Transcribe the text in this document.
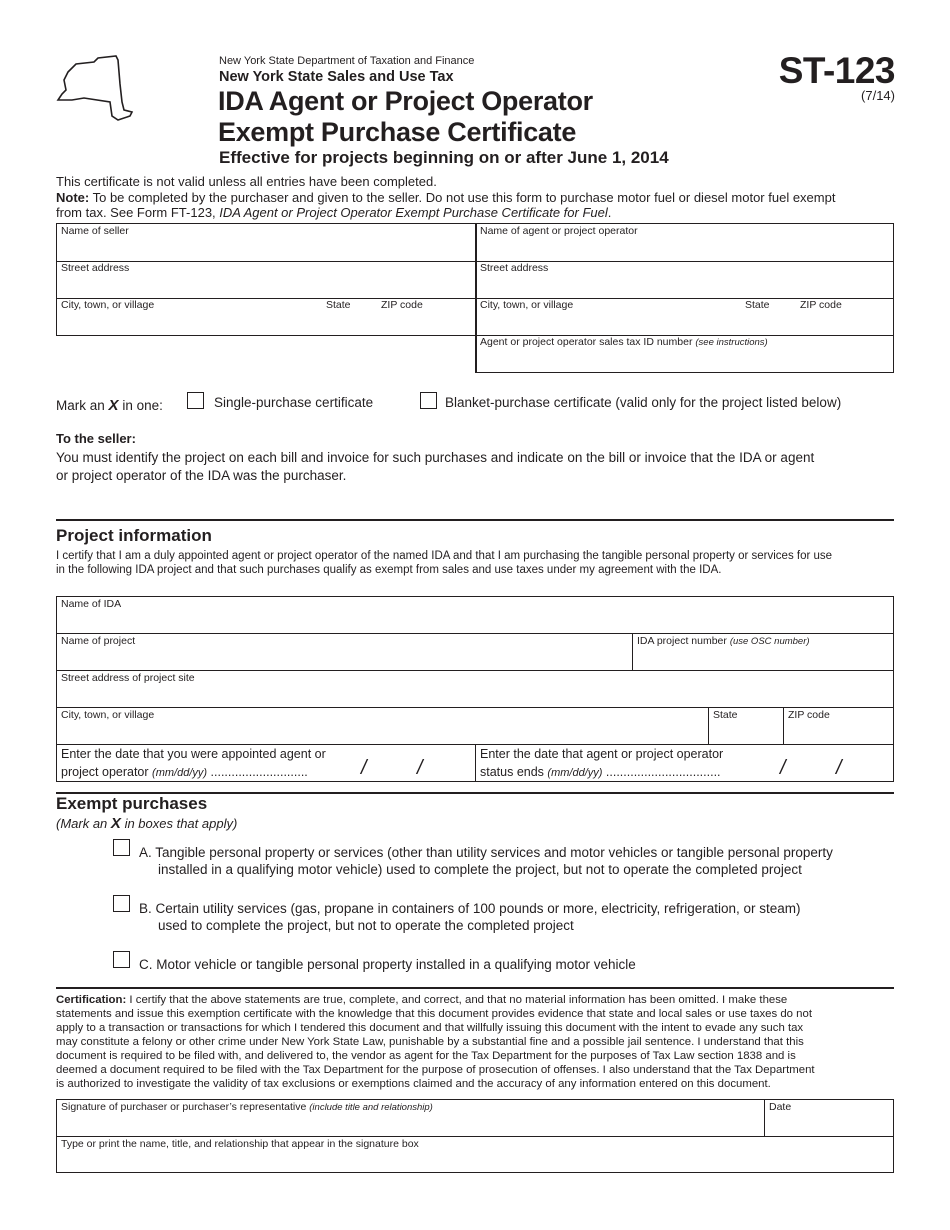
New York State Department of Taxation and Finance
New York State Sales and Use Tax
IDA Agent or Project Operator
Exempt Purchase Certificate
Effective for projects beginning on or after June 1, 2014
ST-123
(7/14)
This certificate is not valid unless all entries have been completed.
Note: To be completed by the purchaser and given to the seller. Do not use this form to purchase motor fuel or diesel motor fuel exempt
from tax. See Form FT-123, IDA Agent or Project Operator Exempt Purchase Certificate for Fuel.
Name of seller
Street address
City, town, or village	State	ZIP code
Name of agent or project operator
Street address
City, town, or village	State	ZIP code
Agent or project operator sales tax ID number (see instructions)
Mark an X in one:	Single-purchase certificate	Blanket-purchase certificate (valid only for the project listed below)
To the seller:
You must identify the project on each bill and invoice for such purchases and indicate on the bill or invoice that the IDA or agent
or project operator of the IDA was the purchaser.
Project information
I certify that I am a duly appointed agent or project operator of the named IDA and that I am purchasing the tangible personal property or services for use
in the following IDA project and that such purchases qualify as exempt from sales and use taxes under my agreement with the IDA.
Name of IDA
Name of project	IDA project number (use OSC number)
Street address of project site
City, town, or village	State	ZIP code
Enter the date that you were appointed agent or
project operator (mm/dd/yy) ............................	/	/
Enter the date that agent or project operator
status ends (mm/dd/yy) .................................	/	/
Exempt purchases
(Mark an X in boxes that apply)
A. Tangible personal property or services (other than utility services and motor vehicles or tangible personal property
installed in a qualifying motor vehicle) used to complete the project, but not to operate the completed project
B. Certain utility services (gas, propane in containers of 100 pounds or more, electricity, refrigeration, or steam)
used to complete the project, but not to operate the completed project
C. Motor vehicle or tangible personal property installed in a qualifying motor vehicle
Certification: I certify that the above statements are true, complete, and correct, and that no material information has been omitted. I make these
statements and issue this exemption certificate with the knowledge that this document provides evidence that state and local sales or use taxes do not
apply to a transaction or transactions for which I tendered this document and that willfully issuing this document with the intent to evade any such tax
may constitute a felony or other crime under New York State Law, punishable by a substantial fine and a possible jail sentence. I understand that this
document is required to be filed with, and delivered to, the vendor as agent for the Tax Department for the purposes of Tax Law section 1838 and is
deemed a document required to be filed with the Tax Department for the purpose of prosecution of offenses. I also understand that the Tax Department
is authorized to investigate the validity of tax exclusions or exemptions claimed and the accuracy of any information entered on this document.
Signature of purchaser or purchaser’s representative (include title and relationship)	Date
Type or print the name, title, and relationship that appear in the signature box
